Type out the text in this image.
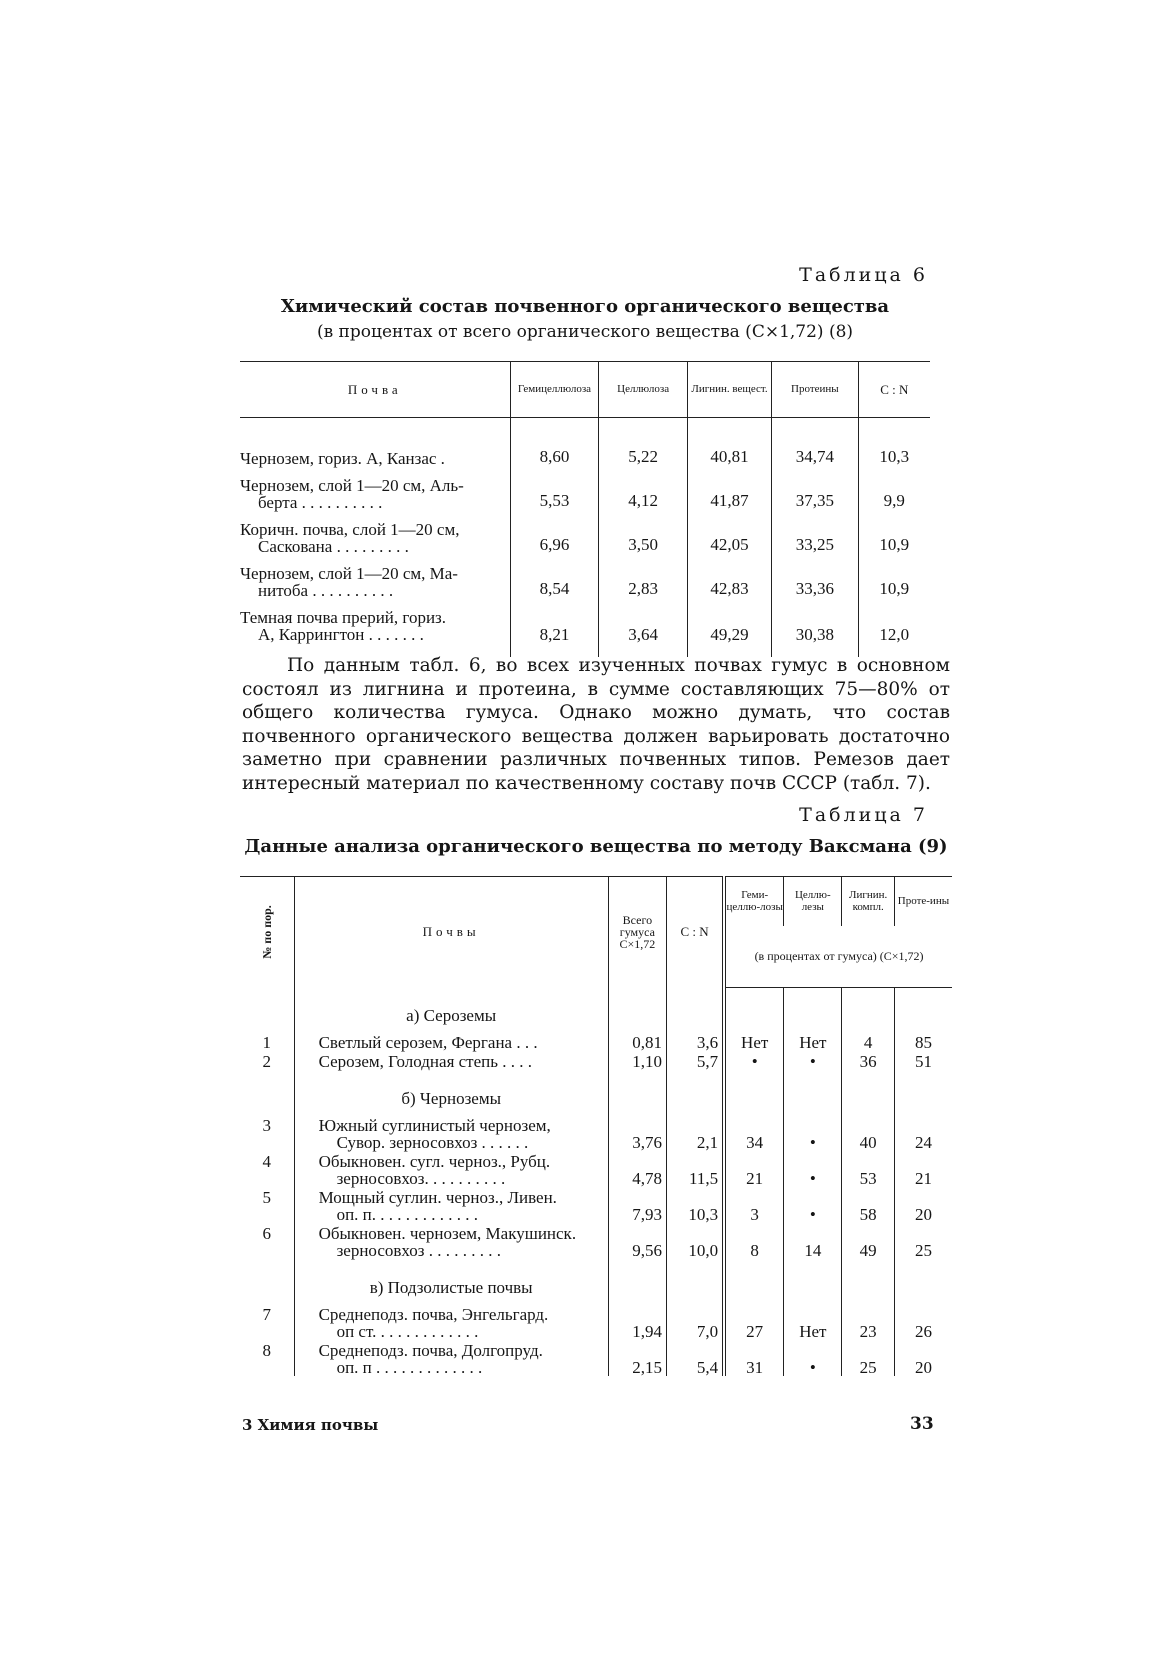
Таблица 6
Химический состав почвенного органического вещества
(в процентах от всего органического вещества (C×1,72) (8)
Почва	Гемицеллюлоза	Целлюлоза	Лигнин. вещест.	Протеины	C : N

Чернозем, гориз. А, Канзас .	8,60	5,22	40,81	34,74	10,3

Чернозем, слой 1—20 см, Аль-
берта . . . . . . . . . .	5,53	4,12	41,87	37,35	9,9

Коричн. почва, слой 1—20 см,
Саскована . . . . . . . . .	6,96	3,50	42,05	33,25	10,9

Чернозем, слой 1—20 см, Ма-
нитоба . . . . . . . . . .	8,54	2,83	42,83	33,36	10,9

Темная почва прерий, гориз.
А, Каррингтон . . . . . . .	8,21	3,64	49,29	30,38	12,0

По данным табл. 6, во всех изученных почвах гумус в основном состоял из лигнина и протеина, в сумме составляющих 75—80% от общего количества гумуса. Однако можно думать, что состав почвенного органического вещества должен варьировать достаточно заметно при сравнении различных почвенных типов. Ремезов дает интересный материал по качественному составу почв СССР (табл. 7).

Таблица 7
Данные анализа органического вещества по методу Ваксмана (9)
№ по пор.	Почвы	Всего гумуса C×1,72	C : N	Геми-целлю-лозы	Целлю-лезы	Лигнин. компл.	Проте-ины
				(в процентах от гумуса) (C×1,72)			
	а) Сероземы						
1	Светлый серозем, Фергана . . .	0,81	3,6	Нет	Нет	4	85
2	Серозем, Голодная степь . . . .	1,10	5,7	•	•	36	51
	б) Черноземы						
3	Южный суглинистый чернозем,
Сувор. зерносовхоз . . . . . .	3,76	2,1	34	•	40	24
4	Обыкновен. сугл. черноз., Рубц.
зерносовхоз. . . . . . . . . .	4,78	11,5	21	•	53	21
5	Мощный суглин. черноз., Ливен.
оп. п. . . . . . . . . . . . .	7,93	10,3	3	•	58	20
6	Обыкновен. чернозем, Макушинск.
зерносовхоз . . . . . . . . .	9,56	10,0	8	14	49	25
	в) Подзолистые почвы						
7	Среднеподз. почва, Энгельгард.
оп ст. . . . . . . . . . . . .	1,94	7,0	27	Нет	23	26
8	Среднеподз. почва, Долгопруд.
оп. п . . . . . . . . . . . . .	2,15	5,4	31	•	25	20
3 Химия почвы	33
